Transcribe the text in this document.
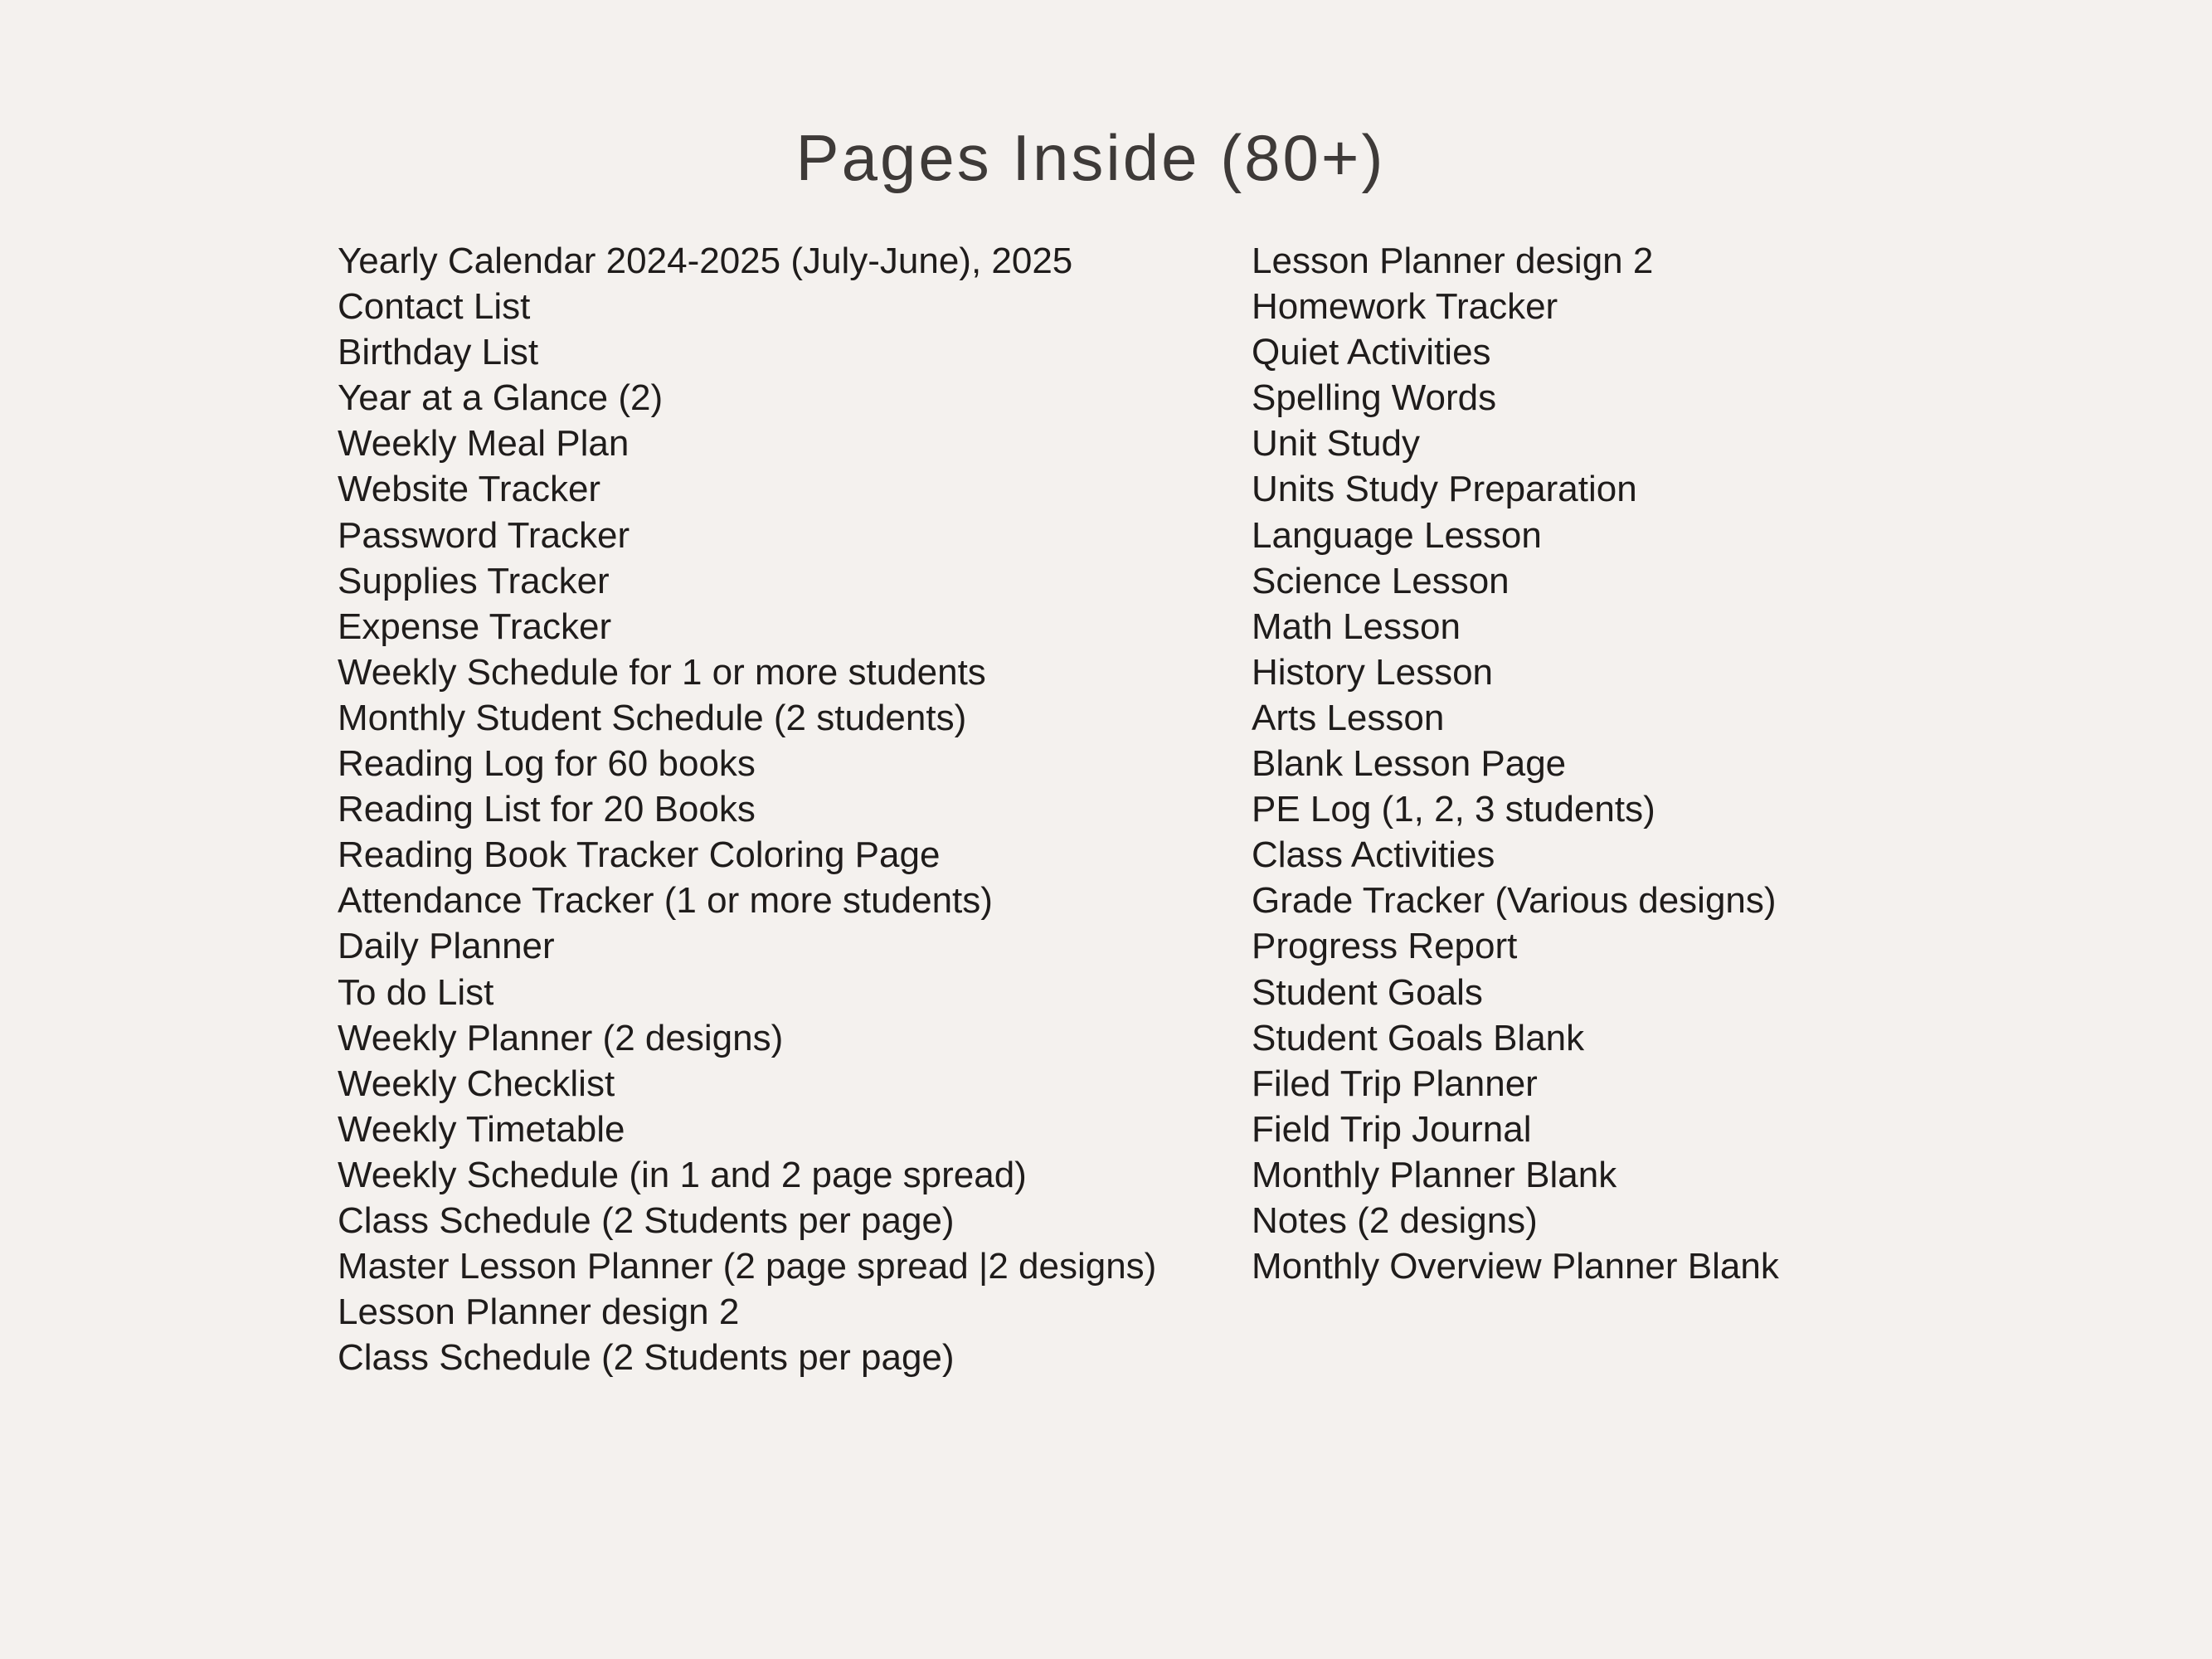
Pages Inside (80+)
Yearly Calendar 2024-2025 (July-June), 2025
Contact List
Birthday List
Year at a Glance (2)
Weekly Meal Plan
Website Tracker
Password Tracker
Supplies Tracker
Expense Tracker
Weekly Schedule for 1 or more students
Monthly Student Schedule (2 students)
Reading Log for 60 books
Reading List for 20 Books
Reading Book Tracker Coloring Page
Attendance Tracker (1 or more students)
Daily Planner
To do List
Weekly Planner (2 designs)
Weekly Checklist
Weekly Timetable
Weekly Schedule (in 1 and 2 page spread)
Class Schedule (2 Students per page)
Master Lesson Planner (2 page spread |2 designs)
Lesson Planner design 2
Class Schedule (2 Students per page)
Lesson Planner design 2
Homework Tracker
Quiet Activities
Spelling Words
Unit Study
Units Study Preparation
Language Lesson
Science Lesson
Math Lesson
History Lesson
Arts Lesson
Blank Lesson Page
PE Log (1, 2, 3 students)
Class Activities
Grade Tracker (Various designs)
Progress Report
Student Goals
Student Goals Blank
Filed Trip Planner
Field Trip Journal
Monthly Planner Blank
Notes (2 designs)
Monthly Overview Planner Blank
